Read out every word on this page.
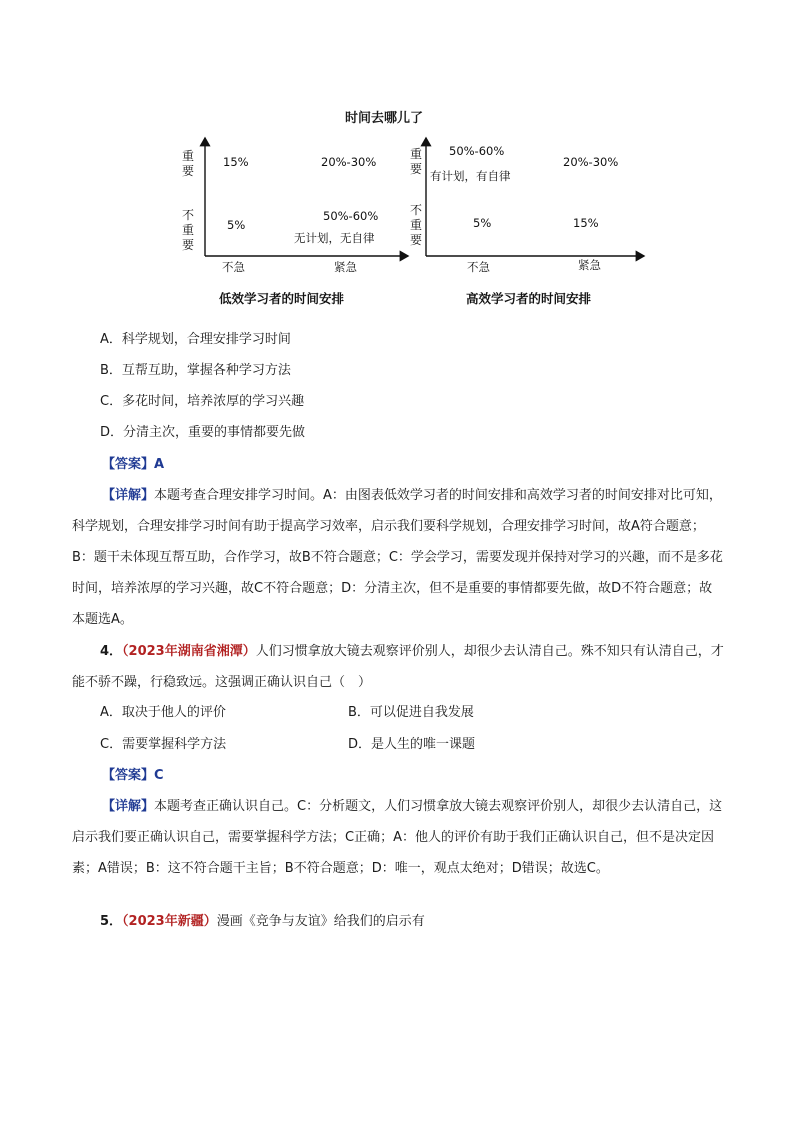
时间去哪儿了
重要
不重要
15%	20%-30%
5%
50%-60%
无计划，无自律
不急	紧急
低效学习者的时间安排
重要
不重要
50%-60%
有计划，有自律
20%-30%
5%	15%
不急	紧急
高效学习者的时间安排
A．科学规划，合理安排学习时间
B．互帮互助，掌握各种学习方法
C．多花时间，培养浓厚的学习兴趣
D．分清主次，重要的事情都要先做
【答案】A
【详解】本题考查合理安排学习时间。A：由图表低效学习者的时间安排和高效学习者的时间安排对比可知，科学规划，合理安排学习时间有助于提高学习效率，启示我们要科学规划，合理安排学习时间，故A符合题意；B：题干未体现互帮互助，合作学习，故B不符合题意；C：学会学习，需要发现并保持对学习的兴趣，而不是多花时间，培养浓厚的学习兴趣，故C不符合题意；D：分清主次，但不是重要的事情都要先做，故D不符合题意；故本题选A。
4．（2023年湖南省湘潭）人们习惯拿放大镜去观察评价别人，却很少去认清自己。殊不知只有认清自己，才能不骄不躁，行稳致远。这强调正确认识自己（　）
A．取决于他人的评价	B．可以促进自我发展
C．需要掌握科学方法	D．是人生的唯一课题
【答案】C
【详解】本题考查正确认识自己。C：分析题文，人们习惯拿放大镜去观察评价别人，却很少去认清自己，这启示我们要正确认识自己，需要掌握科学方法；C正确；A：他人的评价有助于我们正确认识自己，但不是决定因素；A错误；B：这不符合题干主旨；B不符合题意；D：唯一，观点太绝对；D错误；故选C。
5．（2023年新疆）漫画《竞争与友谊》给我们的启示有
